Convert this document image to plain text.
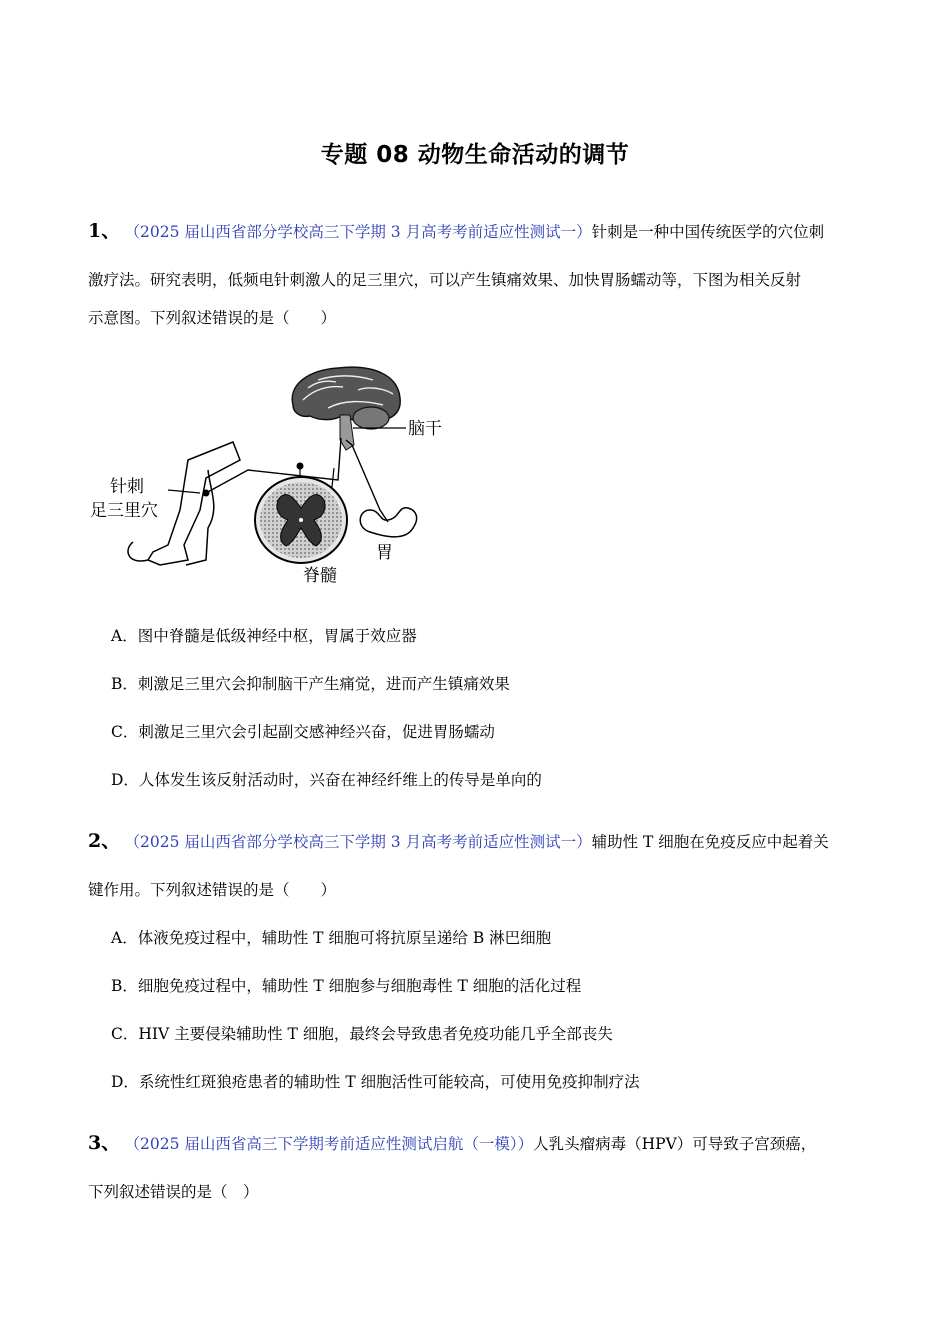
专题 08 动物生命活动的调节
1、 （2025 届山西省部分学校高三下学期 3 月高考考前适应性测试一）针刺是一种中国传统医学的穴位刺
激疗法。研究表明，低频电针刺激人的足三里穴，可以产生镇痛效果、加快胃肠蠕动等，下图为相关反射
示意图。下列叙述错误的是（　　）
脑干
针刺
足三里穴
脊髓
胃
A．图中脊髓是低级神经中枢，胃属于效应器
B．刺激足三里穴会抑制脑干产生痛觉，进而产生镇痛效果
C．刺激足三里穴会引起副交感神经兴奋，促进胃肠蠕动
D．人体发生该反射活动时，兴奋在神经纤维上的传导是单向的
2、 （2025 届山西省部分学校高三下学期 3 月高考考前适应性测试一）辅助性 T 细胞在免疫反应中起着关
键作用。下列叙述错误的是（　　）
A．体液免疫过程中，辅助性 T 细胞可将抗原呈递给 B 淋巴细胞
B．细胞免疫过程中，辅助性 T 细胞参与细胞毒性 T 细胞的活化过程
C．HIV 主要侵染辅助性 T 细胞，最终会导致患者免疫功能几乎全部丧失
D．系统性红斑狼疮患者的辅助性 T 细胞活性可能较高，可使用免疫抑制疗法
3、 （2025 届山西省高三下学期考前适应性测试启航（一模））人乳头瘤病毒（HPV）可导致子宫颈癌，
下列叙述错误的是（　）
